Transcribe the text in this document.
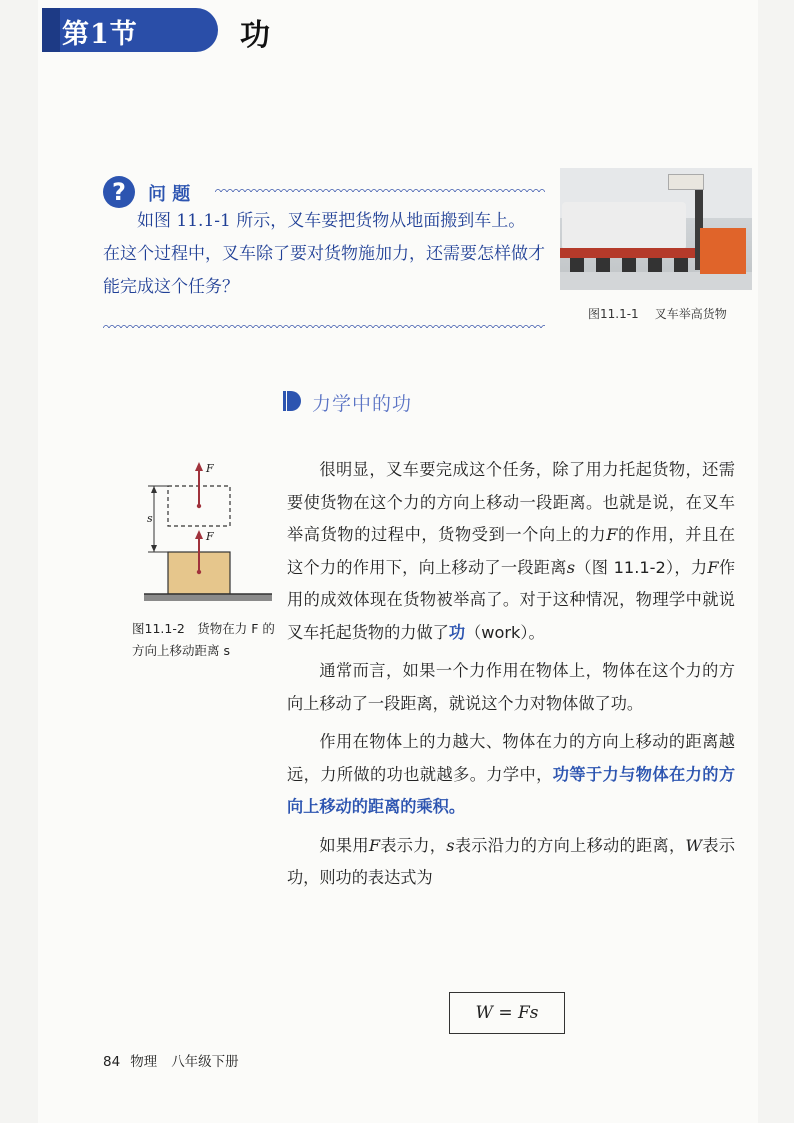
第1节	功
?	问 题
如图 11.1-1 所示，叉车要把货物从地面搬到车上。
在这个过程中，叉车除了要对货物施加力，还需要怎样做才能完成这个任务？
图11.1-1 叉车举高货物
力学中的功
F
F
s
图11.1-2　货物在力 F 的方向上移动距离 s

很明显，叉车要完成这个任务，除了用力托起货物，还需要使货物在这个力的方向上移动一段距离。也就是说，在叉车举高货物的过程中，货物受到一个向上的力F的作用，并且在这个力的作用下，向上移动了一段距离s（图 11.1-2），力F作用的成效体现在货物被举高了。对于这种情况，物理学中就说叉车托起货物的力做了功（work）。

通常而言，如果一个力作用在物体上，物体在这个力的方向上移动了一段距离，就说这个力对物体做了功。

作用在物体上的力越大、物体在力的方向上移动的距离越远，力所做的功也就越多。力学中，功等于力与物体在力的方向上移动的距离的乘积。

如果用F表示力，s表示沿力的方向上移动的距离，W表示功，则功的表达式为

W = Fs
84 物理 八年级下册
